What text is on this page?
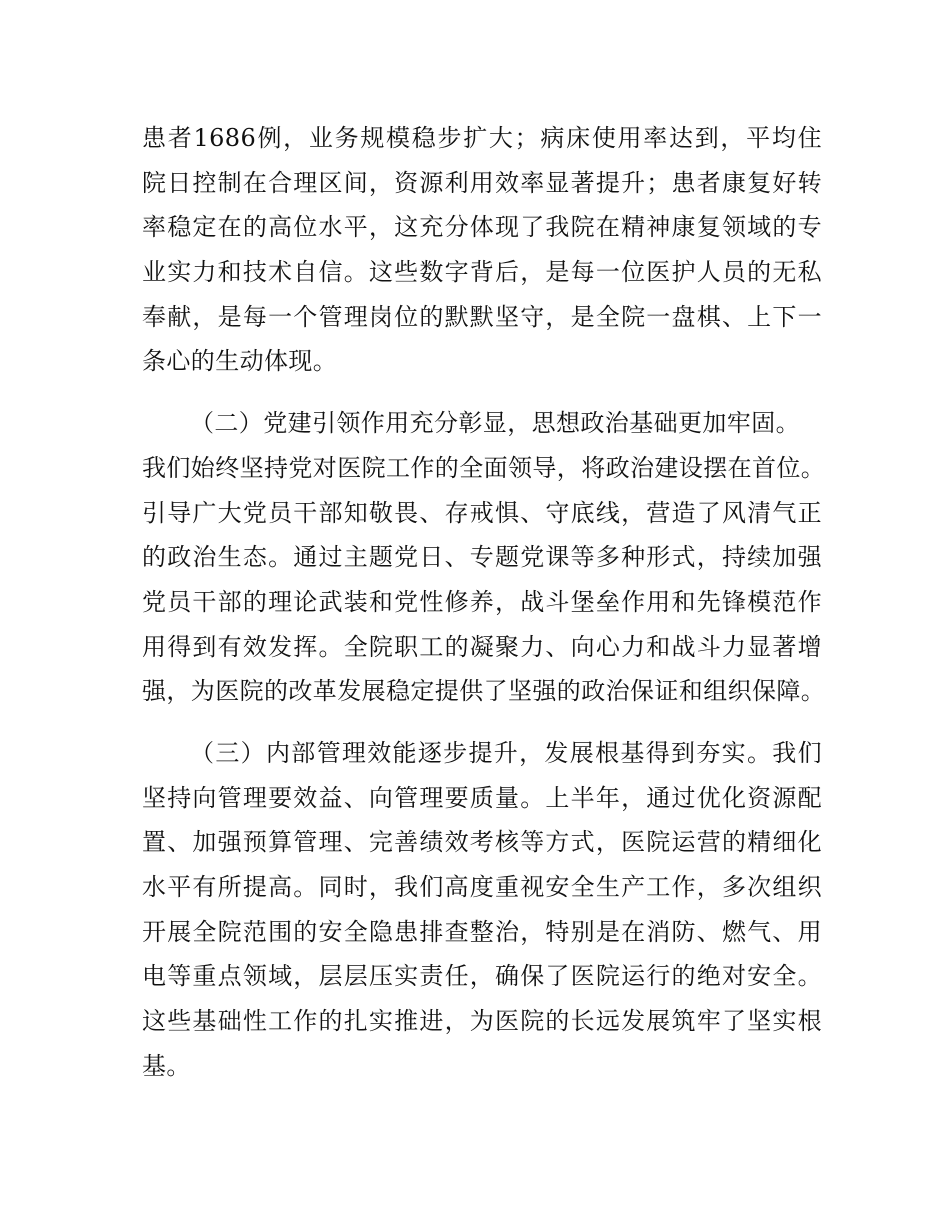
患者1686例，业务规模稳步扩大；病床使用率达到，平均住
院日控制在合理区间，资源利用效率显著提升；患者康复好转
率稳定在的高位水平，这充分体现了我院在精神康复领域的专
业实力和技术自信。这些数字背后，是每一位医护人员的无私
奉献，是每一个管理岗位的默默坚守，是全院一盘棋、上下一
条心的生动体现。
（二）党建引领作用充分彰显，思想政治基础更加牢固。
我们始终坚持党对医院工作的全面领导，将政治建设摆在首位。
引导广大党员干部知敬畏、存戒惧、守底线，营造了风清气正
的政治生态。通过主题党日、专题党课等多种形式，持续加强
党员干部的理论武装和党性修养，战斗堡垒作用和先锋模范作
用得到有效发挥。全院职工的凝聚力、向心力和战斗力显著增
强，为医院的改革发展稳定提供了坚强的政治保证和组织保障。
（三）内部管理效能逐步提升，发展根基得到夯实。我们
坚持向管理要效益、向管理要质量。上半年，通过优化资源配
置、加强预算管理、完善绩效考核等方式，医院运营的精细化
水平有所提高。同时，我们高度重视安全生产工作，多次组织
开展全院范围的安全隐患排查整治，特别是在消防、燃气、用
电等重点领域，层层压实责任，确保了医院运行的绝对安全。
这些基础性工作的扎实推进，为医院的长远发展筑牢了坚实根
基。
